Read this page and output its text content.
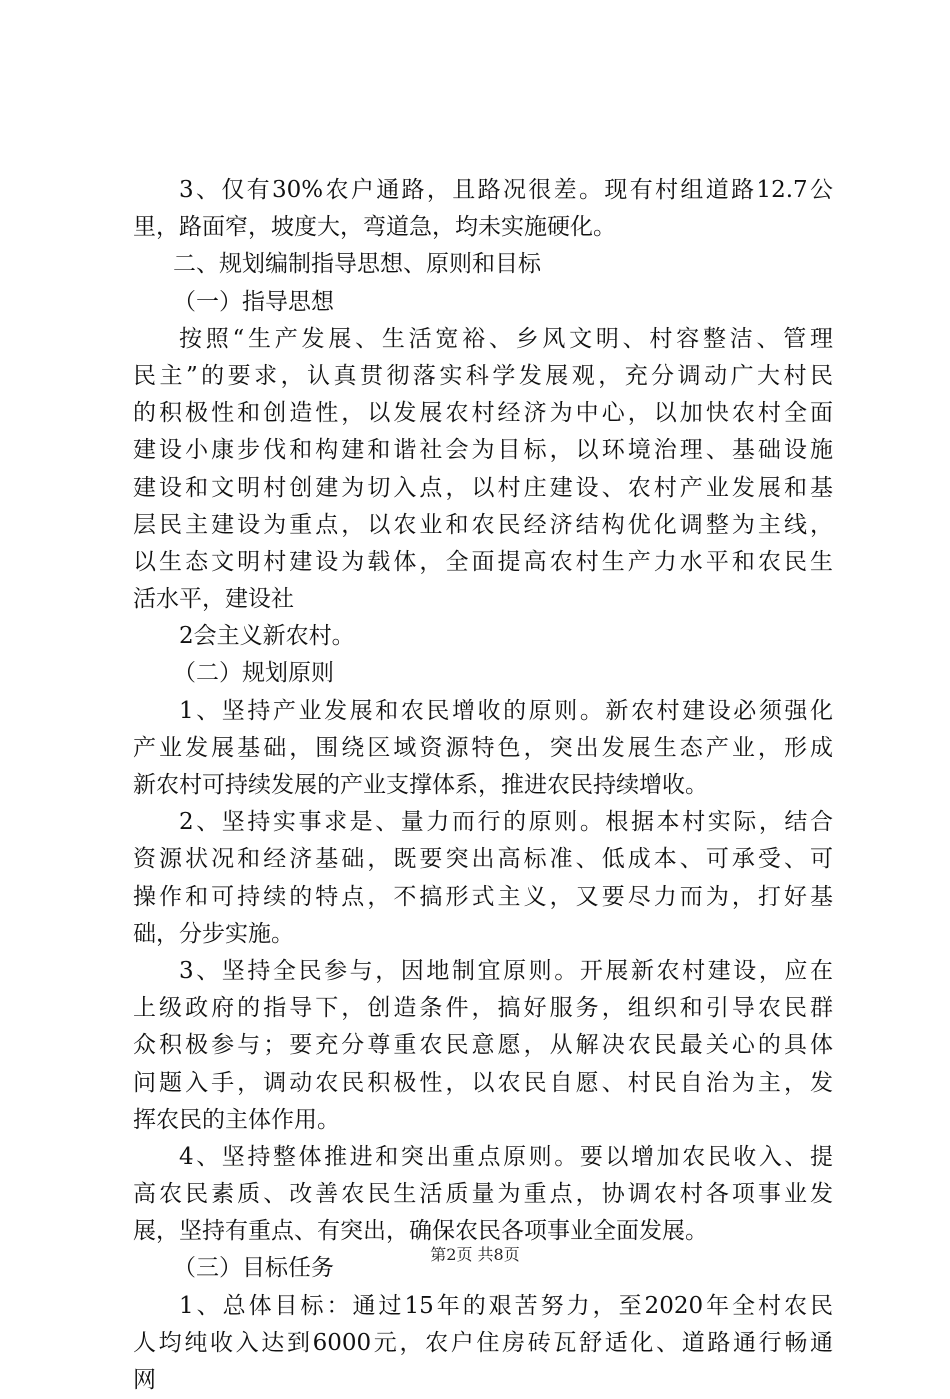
3、仅有30%农户通路，且路况很差。现有村组道路12.7公
里，路面窄，坡度大，弯道急，均未实施硬化。
二、规划编制指导思想、原则和目标
（一）指导思想
按照“生产发展、生活宽裕、乡风文明、村容整洁、管理
民主”的要求，认真贯彻落实科学发展观，充分调动广大村民
的积极性和创造性，以发展农村经济为中心，以加快农村全面
建设小康步伐和构建和谐社会为目标，以环境治理、基础设施
建设和文明村创建为切入点，以村庄建设、农村产业发展和基
层民主建设为重点，以农业和农民经济结构优化调整为主线，
以生态文明村建设为载体，全面提高农村生产力水平和农民生
活水平，建设社
2会主义新农村。
（二）规划原则
1、坚持产业发展和农民增收的原则。新农村建设必须强化
产业发展基础，围绕区域资源特色，突出发展生态产业，形成
新农村可持续发展的产业支撑体系，推进农民持续增收。
2、坚持实事求是、量力而行的原则。根据本村实际，结合
资源状况和经济基础，既要突出高标准、低成本、可承受、可
操作和可持续的特点，不搞形式主义，又要尽力而为，打好基
础，分步实施。
3、坚持全民参与，因地制宜原则。开展新农村建设，应在
上级政府的指导下，创造条件，搞好服务，组织和引导农民群
众积极参与；要充分尊重农民意愿，从解决农民最关心的具体
问题入手，调动农民积极性，以农民自愿、村民自治为主，发
挥农民的主体作用。
4、坚持整体推进和突出重点原则。要以增加农民收入、提
高农民素质、改善农民生活质量为重点，协调农村各项事业发
展，坚持有重点、有突出，确保农民各项事业全面发展。
（三）目标任务
1、总体目标：通过15年的艰苦努力，至2020年全村农民
人均纯收入达到6000元，农户住房砖瓦舒适化、道路通行畅通
网
第2页 共8页
